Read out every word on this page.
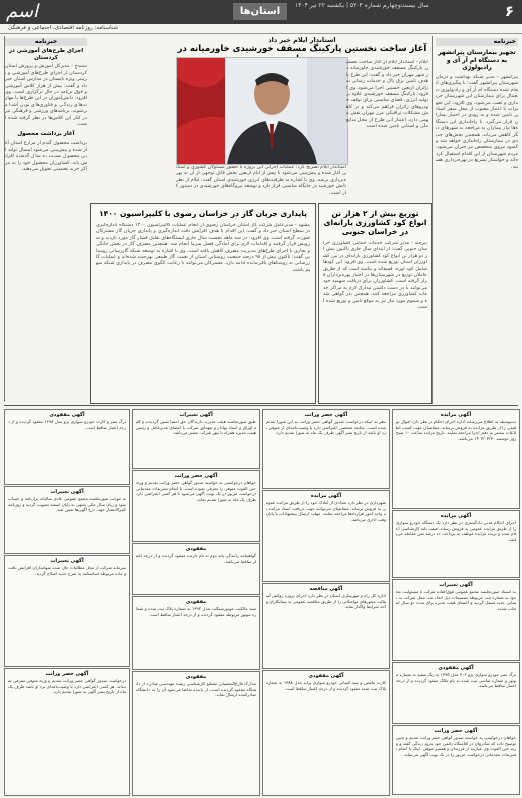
اسم	استان‌ها
سال بیست‌وچهارم شماره ۵۳۰۴ | یکشنبه ۲۲ تیر ۱۴۰۴	۶
شناسنامه: روزنامه اقتصادی، اجتماعی و فرهنگی
خبرنامه
تجهیز بیمارستان پیرانشهر به دستگاه ام آر آی و رادیولوژی
پیرانشهر - مدیر شبکه بهداشت و درمان شهرستان پیرانشهر گفت: با پیگیری‌های انجام شده دستگاه ام آر آی و رادیولوژی دیجیتال برای بیمارستان این شهرستان خریداری و نصب می‌شود. وی افزود: این تجهیزات با اعتبار مصوب از محل سفر استانی تامین شده و به زودی در اختیار بیماران قرار می‌گیرد. با راه‌اندازی این دستگاه‌ها نیاز بیماران به مراجعه به شهرهای دیگر کاهش می‌یابد. همچنین بخش‌های جدیدی در بیمارستان راه‌اندازی خواهد شد و کمبود نیروی متخصص نیز جبران می‌شود. مردم شهرستان از این اقدام استقبال کرده‌اند و خواستار تسریع در بهره‌برداری هستند.
استاندار ایلام خبر داد
آغاز ساخت نخستین پارکینگ مسقف خورشیدی خاورمیانه در
ایلام - استاندار ایلام از آغاز ساخت نخستین پارکینگ مسقف خورشیدی خاورمیانه در شهر مهران خبر داد و گفت: این طرح با هدف تامین برق پاک و خدمات رسانی به زائران اربعین حسینی اجرا می‌شود. وی افزود: پارکینگ مسقف خورشیدی علاوه بر تولید انرژی، فضای مناسبی برای توقف خودروهای زائران فراهم می‌کند و در کاهش مشکلات ترافیکی مرز مهران نقش مهمی دارد. اعتبار این طرح از محل منابع ملی و استانی تامین شده است.
استاندار ایلام تصریح کرد: عملیات اجرایی این پروژه با حضور مسئولان کشوری و استانی آغاز شده و پیش‌بینی می‌شود تا پیش از ایام اربعین بخش قابل توجهی از آن به بهره‌برداری برسد. وی با اشاره به ظرفیت‌های انرژی خورشیدی استان گفت: ایلام از نظر تابش خورشید در جایگاه مناسبی قرار دارد و توسعه نیروگاه‌های خورشیدی در دستور کار است.
توزیع بیش از ۲ هزار تن انواع کود کشاورزی یارانه‌ای در خراسان جنوبی
بیرجند - مدیر شرکت خدمات حمایتی کشاورزی خراسان جنوبی گفت: از ابتدای سال جاری تاکنون بیش از دو هزار تن انواع کود کشاورزی یارانه‌ای در بین کشاورزان استان توزیع شده است. وی افزود: این کودها شامل کود اوره، فسفاته و پتاسه است که از طریق عاملان توزیع در شهرستان‌ها در اختیار بهره‌برداران قرار گرفته است. کشاورزان برای دریافت سهمیه خود می‌توانند با در دست داشتن مدارک لازم به مراکز خدمات کشاورزی مراجعه کنند. همچنین بذر گواهی شده و سموم مورد نیاز نیز به موقع تامین و توزیع شده است.
پایداری جریان گاز در خراسان رضوی با کلیپراسیون ۱۴۰۰
مشهد - مدیرعامل شرکت گاز استان خراسان رضوی از انجام عملیات کالیبراسیون ۱۴۰۰ دستگاه اندازه‌گیری در سطح استان خبر داد و گفت: این اقدام با هدف افزایش دقت اندازه‌گیری و پایداری جریان گاز مشترکان صورت گرفته است. وی افزود: در سه ماهه نخست سال جاری ایستگاه‌های تقلیل فشار گاز مورد بازدید و سرویس قرار گرفتند و اقدامات لازم برای آمادگی فصل سرما انجام شد. همچنین مصرف گاز در بخش خانگی و تجاری با اجرای طرح‌های مدیریت مصرف کاهش یافته است. وی با اشاره به توسعه شبکه گازرسانی روستایی گفت: تاکنون بیش از ۹۸ درصد جمعیت روستایی استان از نعمت گاز طبیعی بهره‌مند شده‌اند و عملیات گازرسانی به روستاهای باقی‌مانده ادامه دارد. مشترکان می‌توانند با رعایت الگوی مصرف در پایداری شبکه سهیم باشند.
خبرنامه
اجرای طرح‌های آموزشی در کردستان
سنندج - مدیرکل آموزش و پرورش استان کردستان از اجرای طرح‌های آموزشی و تربیتی ویژه تابستان در مدارس استان خبر داد و گفت: بیش از هزار کلاس آموزشی و فوق برنامه در حال برگزاری است. وی افزود: دانش‌آموزان در این طرح‌ها با مهارت‌های زندگی و فناوری‌های نوین آشنا می‌شوند. برنامه‌های ورزشی و فرهنگی نیز در کنار این کلاس‌ها در نظر گرفته شده است.
آغاز برداشت محصول
برداشت محصول گندم از مزارع استان آغاز شده و پیش‌بینی می‌شود امسال تولید این محصول نسبت به سال گذشته افزایش یابد. کشاورزان محصول خود را به مراکز خرید تضمینی تحویل می‌دهند.
آگهی مزایده
بدینوسیله به اطلاع می‌رساند اداره اجرای احکام در نظر دارد اموال توقیفی را از طریق مزایده به فروش برساند. متقاضیان جهت کسب اطلاعات بیشتر به دفتر اجرا مراجعه نمایند. تاریخ مزایده ساعت ۱۰ صبح روز دوشنبه ۱۴۰۴/۰۴/۳۰ می‌باشد.
آگهی مزایده
اجرای احکام مدنی دادگستری در نظر دارد یک دستگاه خودرو سواری را از طریق مزایده عمومی به فروش رساند. قیمت پایه کارشناسی اعلام شده و برنده مزایده موظف به پرداخت ده درصد ثمن معامله می‌باشد.
آگهی تغییرات
به استناد صورتجلسه مجمع عمومی فوق‌العاده شرکت با مسئولیت محدود به شماره ثبت مربوطه تصمیمات ذیل اتخاذ شد: محل شرکت به نشانی جدید منتقل گردید و اعضای هیئت مدیره برای مدت دو سال انتخاب شدند.
آگهی مفقودی
برگ سبز خودرو سواری پژو ۲۰۶ مدل ۱۳۹۵ به رنگ سفید به شماره موتور و شماره شاسی ثبت شده به نام مالک مفقود گردیده و از درجه اعتبار ساقط می‌باشد.
آگهی حصر وراثت
خواهان درخواستی به خواسته صدور گواهی حصر وراثت تقدیم و چنین توضیح داده که شادروان در اقامتگاه دائمی خود بدرود زندگی گفته و ورثه حین الفوت وی عبارتند از فرزندان و همسر متوفی. اینک با انجام تشریفات مقدماتی درخواست مزبور را در یک نوبت آگهی می‌نماید.
آگهی حصر وراثت
نظر به اینکه درخواست صدور گواهی حصر وراثت به این شورا تقدیم شده است، چنانچه شخصی اعتراضی دارد یا وصیت‌نامه‌ای از متوفی نزد او باشد از تاریخ نشر آگهی ظرف یک ماه به شورا تقدیم دارد.
آگهی مزایده
شهرداری در نظر دارد تعدادی از املاک خود را از طریق مزایده عمومی به فروش برساند. متقاضیان می‌توانند جهت دریافت اسناد مزایده به واحد امور قراردادها مراجعه نمایند. مهلت ارسال پیشنهادات تا پایان وقت اداری می‌باشد.
آگهی مناقصه
اداره کل راه و شهرسازی استان در نظر دارد اجرای پروژه روکش آسفالت محورهای مواصلاتی را از طریق مناقصه عمومی به پیمانکاران واجد شرایط واگذار نماید.
آگهی مفقودی
کارت ماشین و سند کمپانی خودرو سواری پراید مدل ۱۳۸۸ به شماره پلاک ثبت شده مفقود گردیده و از درجه اعتبار ساقط است.
آگهی تغییرات
طبق صورتجلسه هیئت مدیره، دارندگان حق امضا تعیین گردیدند و کلیه اوراق و اسناد بهادار و تعهدآور شرکت با امضای مدیرعامل و رئیس هیئت مدیره همراه با مهر شرکت معتبر می‌باشد.
آگهی حصر وراثت
خواهان درخواستی به خواسته صدور گواهی حصر وراثت تقدیم و ورثه حین الفوت متوفی را معرفی نموده است. با انجام تشریفات مقدماتی درخواست مزبور در یک نوبت آگهی می‌شود تا هر کسی اعتراضی دارد ظرف یک ماه به شورا تقدیم نماید.
مفقودی
گواهینامه رانندگی پایه دوم به نام دارنده مفقود گردیده و از درجه اعتبار ساقط می‌باشد.
مفقودی
سند مالکیت موتورسیکلت مدل ۱۳۹۲ به شماره پلاک ثبت شده و شماره موتور مربوطه مفقود گردیده و از درجه اعتبار ساقط است.
مفقودی
مدارک فارغ‌التحصیلی مقطع کارشناسی رشته مهندسی صادره از دانشگاه مفقود گردیده است. از یابنده تقاضا می‌شود آن را به دانشگاه صادرکننده ارسال نماید.
آگهی مفقودی
برگ سبز و کارت خودرو سواری پژو مدل ۱۳۹۸ مفقود گردیده و از درجه اعتبار ساقط است.
آگهی تغییرات
به موجب صورتجلسه مجمع عمومی عادی سالیانه ترازنامه و حساب سود و زیان سال مالی منتهی به پایان اسفند تصویب گردید و روزنامه کثیرالانتشار جهت درج آگهی‌ها تعیین شد.
آگهی تغییرات
سرمایه شرکت از محل مطالبات حال شده سهامداران افزایش یافت و ماده مربوطه اساسنامه به شرح جدید اصلاح گردید.
آگهی حصر وراثت
درخواست صدور گواهی حصر وراثت تقدیم و ورثه متوفی معرفی شده‌اند. هر کسی اعتراضی دارد یا وصیت‌نامه‌ای نزد او باشد ظرف یک ماه از تاریخ نشر آگهی به شورا تقدیم دارد.
